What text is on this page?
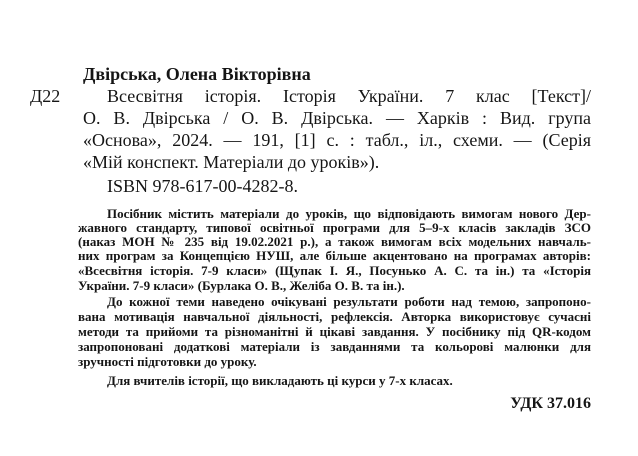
Двірська, Олена Вікторівна
Д22	Всесвітня історія. Історія України. 7 клас [Текст]/
О. В. Двірська / О. В. Двірська. — Харків : Вид. група
«Основа», 2024. — 191, [1] с. : табл., іл., схеми. — (Серія
«Мій конспект. Матеріали до уроків»).
ISBN 978-617-00-4282-8.
Посібник містить матеріали до уроків, що відповідають вимогам нового Дер-
жавного стандарту, типової освітньої програми для 5–9-х класів закладів ЗСО
(наказ МОН № 235 від 19.02.2021 р.), а також вимогам всіх модельних навчаль-
них програм за Концепцією НУШ, але більше акцентовано на програмах авторів:
«Всесвітня історія. 7-9 класи» (Щупак І. Я., Посунько А. С. та ін.) та «Історія
України. 7-9 класи» (Бурлака О. В., Желіба О. В. та ін.).
До кожної теми наведено очікувані результати роботи над темою, запропоно-
вана мотивація навчальної діяльності, рефлексія. Авторка використовує сучасні
методи та прийоми та різноманітні й цікаві завдання. У посібнику під QR-кодом
запропоновані додаткові матеріали із завданнями та кольорові малюнки для
зручності підготовки до уроку.
Для вчителів історії, що викладають ці курси у 7-х класах.
УДК 37.016
